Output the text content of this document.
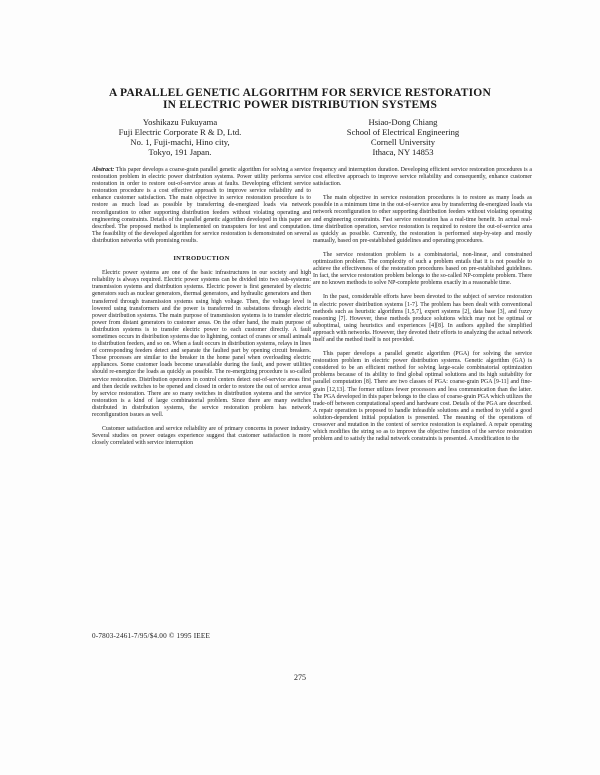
A PARALLEL GENETIC ALGORITHM FOR SERVICE RESTORATION
IN ELECTRIC POWER DISTRIBUTION SYSTEMS
Yoshikazu Fukuyama
Fuji Electric Corporate R & D, Ltd.
No. 1, Fuji-machi, Hino city,
Tokyo, 191 Japan.
Hsiao-Dong Chiang
School of Electrical Engineering
Cornell University
Ithaca, NY 14853

Abstract: This paper develops a coarse-grain parallel genetic algorithm for solving a service restoration problem in electric power distribution systems. Power utility performs service restoration in order to restore out-of-service areas at faults. Developing efficient service restoration procedure is a cost effective approach to improve service reliability and to enhance customer satisfaction. The main objective in service restoration procedure is to restore as much load as possible by transferring de-energized loads via network reconfiguration to other supporting distribution feeders without violating operating and engineering constraints. Details of the parallel genetic algorithm developed in this paper are described. The proposed method is implemented on transputers for test and computation. The feasibility of the developed algorithm for service restoration is demonstrated on several distribution networks with promising results.

INTRODUCTION

Electric power systems are one of the basic infrastructures in our society and high reliability is always required. Electric power systems can be divided into two sub-systems: transmission systems and distribution systems. Electric power is first generated by electric generators such as nuclear generators, thermal generators, and hydraulic generators and then transferred through transmission systems using high voltage. Then, the voltage level is lowered using transformers and the power is transferred in substations through electric power distribution systems. The main purpose of transmission systems is to transfer electric power from distant generators to customer areas. On the other hand, the main purpose of distribution systems is to transfer electric power to each customer directly. A fault sometimes occurs in distribution systems due to lightning, contact of cranes or small animals to distribution feeders, and so on. When a fault occurs in distribution systems, relays in lines of corresponding feeders detect and separate the faulted part by opening circuit breakers. Those processes are similar to the breaker in the home panel when overloading electric appliances. Some customer loads become unavailable during the fault, and power utilities should re-energize the loads as quickly as possible. The re-energizing procedure is so-called service restoration. Distribution operators in control centers detect out-of-service areas first and then decide switches to be opened and closed in order to restore the out of service areas by service restoration. There are so many switches in distribution systems and the service restoration is a kind of large combinatorial problem. Since there are many switches distributed in distribution systems, the service restoration problem has network reconfiguration issues as well.

Customer satisfaction and service reliability are of primary concerns in power industry. Several studies on power outages experience suggest that customer satisfaction is more closely correlated with service interruption

frequency and interruption duration. Developing efficient service restoration procedures is a cost effective approach to improve service reliability and consequently, enhance customer satisfaction.

The main objective in service restoration procedures is to restore as many loads as possible in a minimum time in the out-of-service area by transferring de-energized loads via network reconfiguration to other supporting distribution feeders without violating operating and engineering constraints. Fast service restoration has a real-time benefit. In actual real-time distribution operation, service restoration is required to restore the out-of-service area as quickly as possible. Currently, the restoration is performed step-by-step and mostly manually, based on pre-established guidelines and operating procedures.

The service restoration problem is a combinatorial, non-linear, and constrained optimization problem. The complexity of such a problem entails that it is not possible to achieve the effectiveness of the restoration procedures based on pre-established guidelines. In fact, the service restoration problem belongs to the so-called NP-complete problem. There are no known methods to solve NP-complete problems exactly in a reasonable time.

In the past, considerable efforts have been devoted to the subject of service restoration in electric power distribution systems [1-7]. The problem has been dealt with conventional methods such as heuristic algorithms [1,5,7], expert systems [2], data base [3], and fuzzy reasoning [7]. However, these methods produce solutions which may not be optimal or suboptimal, using heuristics and experiences [4][8]. In authors applied the simplified approach with networks. However, they devoted their efforts to analyzing the actual network itself and the method itself is not provided.

This paper develops a parallel genetic algorithm (PGA) for solving the service restoration problem in electric power distribution systems. Genetic algorithm (GA) is considered to be an efficient method for solving large-scale combinatorial optimization problems because of its ability to find global optimal solutions and its high suitability for parallel computation [8]. There are two classes of PGA: coarse-grain PGA [9-11] and fine-grain [12,13]. The former utilizes fewer processors and less communication than the latter. The PGA developed in this paper belongs to the class of coarse-grain PGA which utilizes the trade-off between computational speed and hardware cost. Details of the PGA are described. A repair operation is proposed to handle infeasible solutions and a method to yield a good solution-dependent initial population is presented. The meaning of the operations of crossover and mutation in the context of service restoration is explained. A repair operating which modifies the string so as to improve the objective function of the service restoration problem and to satisfy the radial network constraints is presented. A modification to the

0-7803-2461-7/95/$4.00 © 1995 IEEE
275
